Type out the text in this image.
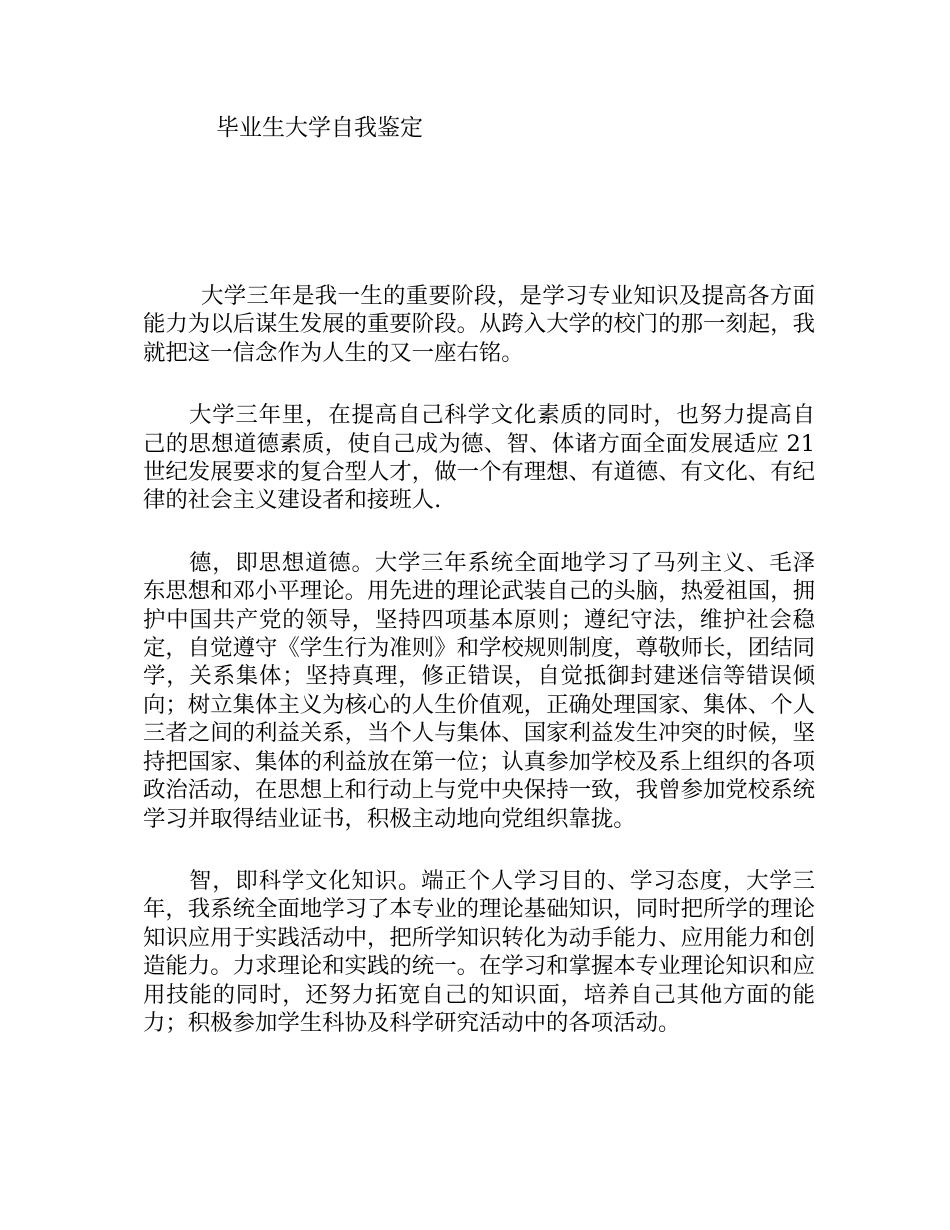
毕业生大学自我鉴定

大学三年是我一生的重要阶段，是学习专业知识及提高各方面能力为以后谋生发展的重要阶段。从跨入大学的校门的那一刻起，我就把这一信念作为人生的又一座右铭。

大学三年里，在提高自己科学文化素质的同时，也努力提高自己的思想道德素质，使自己成为德、智、体诸方面全面发展适应 21 世纪发展要求的复合型人才，做一个有理想、有道德、有文化、有纪律的社会主义建设者和接班人.

德，即思想道德。大学三年系统全面地学习了马列主义、毛泽东思想和邓小平理论。用先进的理论武装自己的头脑，热爱祖国，拥护中国共产党的领导，坚持四项基本原则；遵纪守法，维护社会稳定，自觉遵守《学生行为准则》和学校规则制度，尊敬师长，团结同学，关系集体；坚持真理，修正错误，自觉抵御封建迷信等错误倾向；树立集体主义为核心的人生价值观，正确处理国家、集体、个人三者之间的利益关系，当个人与集体、国家利益发生冲突的时候，坚持把国家、集体的利益放在第一位；认真参加学校及系上组织的各项政治活动，在思想上和行动上与党中央保持一致，我曾参加党校系统学习并取得结业证书，积极主动地向党组织靠拢。

智，即科学文化知识。端正个人学习目的、学习态度，大学三年，我系统全面地学习了本专业的理论基础知识，同时把所学的理论知识应用于实践活动中，把所学知识转化为动手能力、应用能力和创造能力。力求理论和实践的统一。在学习和掌握本专业理论知识和应用技能的同时，还努力拓宽自己的知识面，培养自己其他方面的能力；积极参加学生科协及科学研究活动中的各项活动。
